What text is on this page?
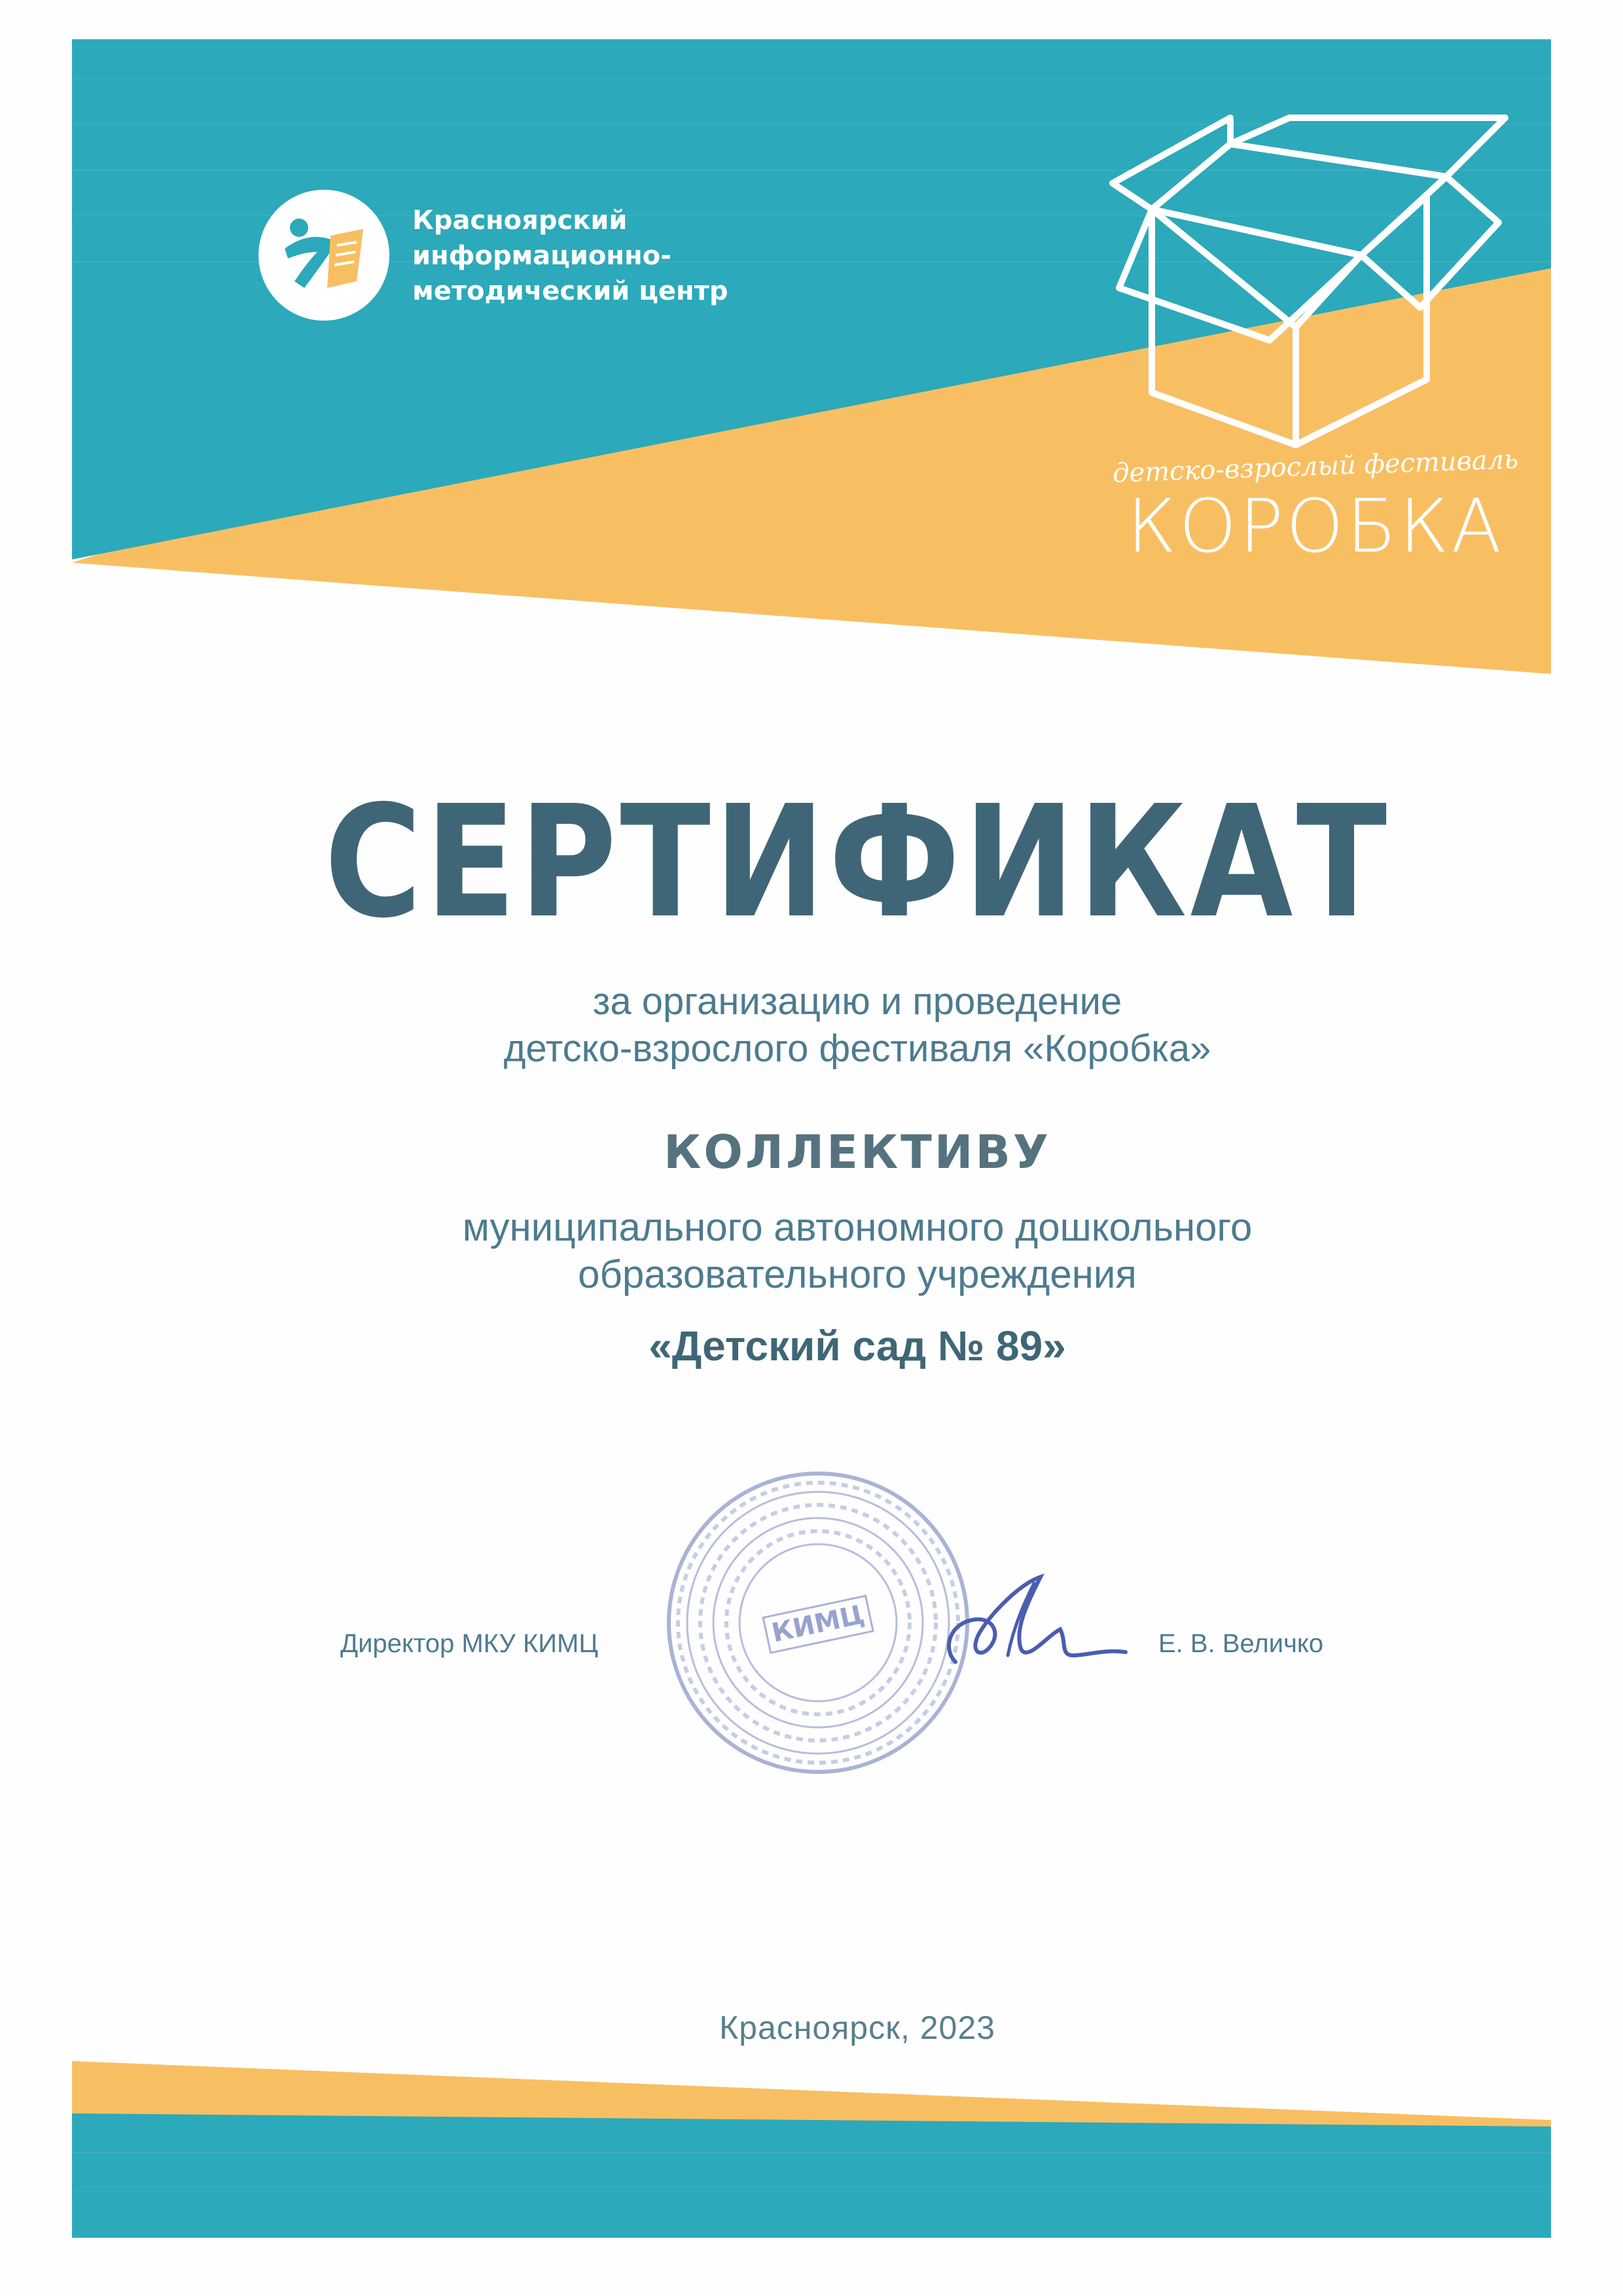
Красноярский
информационно-
методический центр
детско-взрослый фестиваль
КОРОБКА
СЕРТИФИКАТ
за организацию и проведение
детско-взрослого фестиваля «Коробка»
КОЛЛЕКТИВУ
муниципального автономного дошкольного
образовательного учреждения
«Детский сад № 89»
КИМЦ
Директор МКУ КИМЦ	Е. В. Величко
Красноярск, 2023
